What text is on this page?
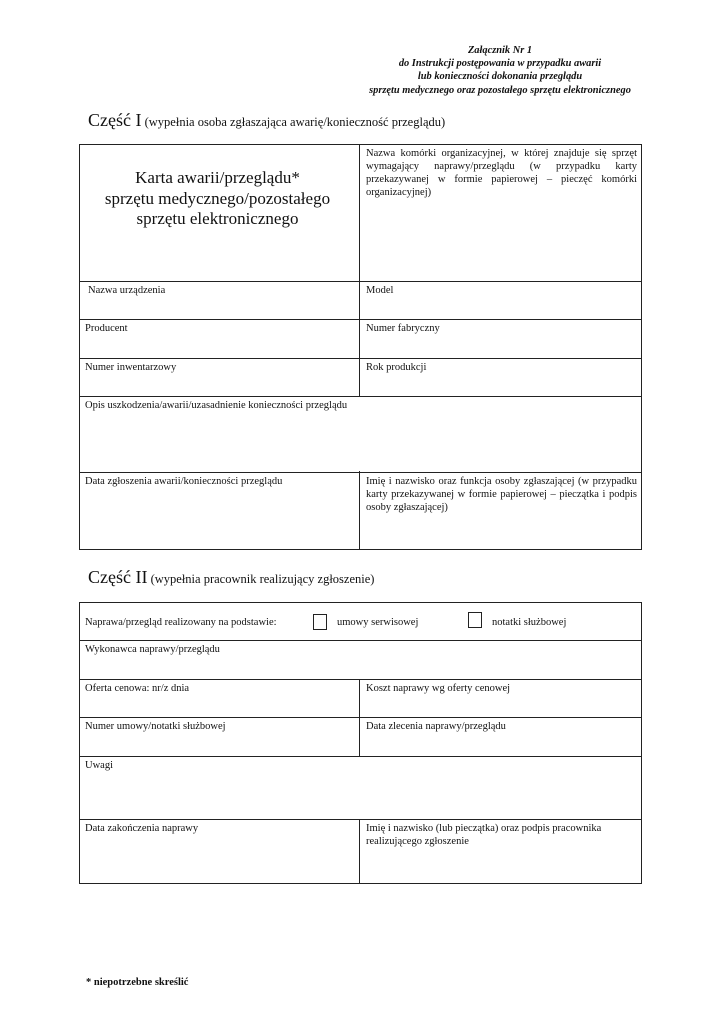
Załącznik Nr 1
do Instrukcji postępowania w przypadku awarii
lub konieczności dokonania przeglądu
sprzętu medycznego oraz pozostałego sprzętu elektronicznego
Część I (wypełnia osoba zgłaszająca awarię/konieczność przeglądu)
Karta awarii/przeglądu*
sprzętu medycznego/pozostałego
sprzętu elektronicznego
Nazwa komórki organizacyjnej, w której znajduje się sprzęt wymagający naprawy/przeglądu (w przypadku karty przekazywanej w formie papierowej – pieczęć komórki organizacyjnej)
Nazwa urządzenia	Model
Producent	Numer fabryczny
Numer inwentarzowy	Rok produkcji
Opis uszkodzenia/awarii/uzasadnienie konieczności przeglądu
Data zgłoszenia awarii/konieczności przeglądu	Imię i nazwisko oraz funkcja osoby zgłaszającej (w przypadku karty przekazywanej w formie papierowej – pieczątka i podpis osoby zgłaszającej)
Część II (wypełnia pracownik realizujący zgłoszenie)
Naprawa/przegląd realizowany na podstawie:	umowy serwisowej	notatki służbowej
Wykonawca naprawy/przeglądu
Oferta cenowa: nr/z dnia	Koszt naprawy wg oferty cenowej
Numer umowy/notatki służbowej	Data zlecenia naprawy/przeglądu
Uwagi
Data zakończenia naprawy	Imię i nazwisko (lub pieczątka) oraz podpis pracownika realizującego zgłoszenie
* niepotrzebne skreślić
